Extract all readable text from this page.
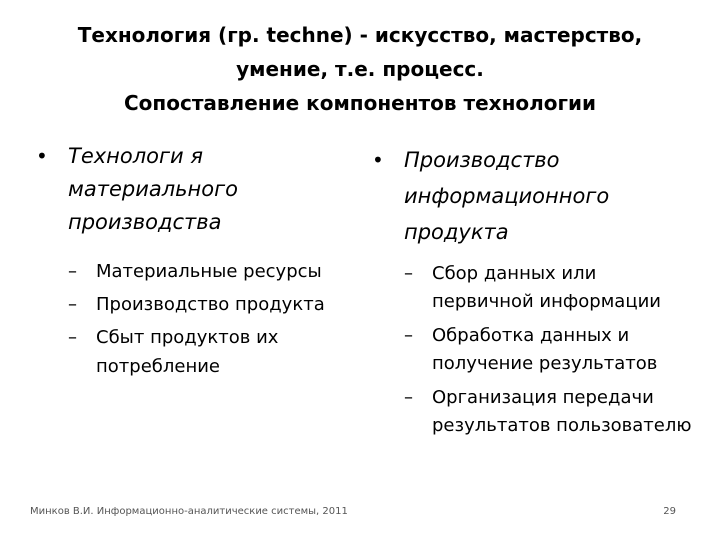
Технология (гр. techne) - искусство, мастерство,
умение, т.е. процесс.
Сопоставление компонентов технологии
• Технологи я материального производства
– Материальные ресурсы
– Производство продукта
– Сбыт продуктов их потребление
• Производство информационного продукта
– Сбор данных или первичной информации
– Обработка данных и получение результатов
– Организация передачи результатов пользователю
Минков В.И. Информационно-аналитические системы, 2011	29
